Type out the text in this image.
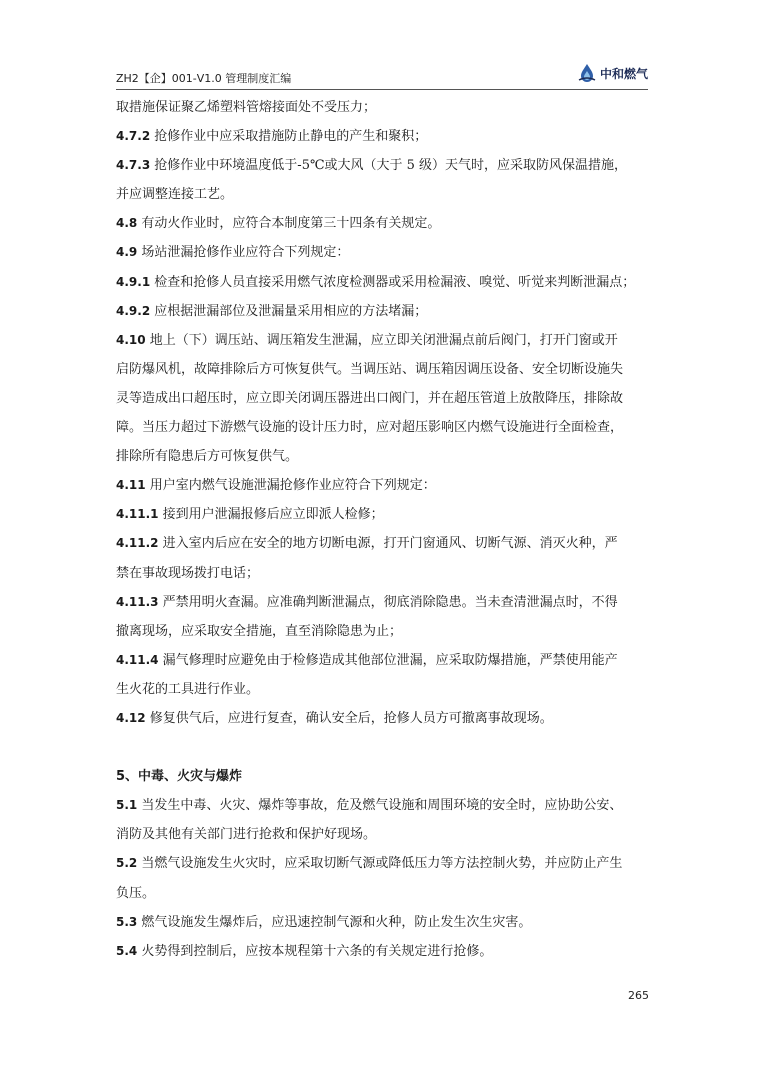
ZH2【企】001-V1.0 管理制度汇编	中和燃气
取措施保证聚乙烯塑料管熔接面处不受压力；
4.7.2 抢修作业中应采取措施防止静电的产生和聚积；
4.7.3 抢修作业中环境温度低于-5℃或大风（大于 5 级）天气时，应采取防风保温措施，
并应调整连接工艺。
4.8 有动火作业时，应符合本制度第三十四条有关规定。
4.9 场站泄漏抢修作业应符合下列规定：
4.9.1 检查和抢修人员直接采用燃气浓度检测器或采用检漏液、嗅觉、听觉来判断泄漏点；
4.9.2 应根据泄漏部位及泄漏量采用相应的方法堵漏；
4.10 地上（下）调压站、调压箱发生泄漏，应立即关闭泄漏点前后阀门，打开门窗或开
启防爆风机，故障排除后方可恢复供气。当调压站、调压箱因调压设备、安全切断设施失
灵等造成出口超压时，应立即关闭调压器进出口阀门，并在超压管道上放散降压，排除故
障。当压力超过下游燃气设施的设计压力时，应对超压影响区内燃气设施进行全面检查，
排除所有隐患后方可恢复供气。
4.11 用户室内燃气设施泄漏抢修作业应符合下列规定：
4.11.1 接到用户泄漏报修后应立即派人检修；
4.11.2 进入室内后应在安全的地方切断电源，打开门窗通风、切断气源、消灭火种，严
禁在事故现场拨打电话；
4.11.3 严禁用明火查漏。应准确判断泄漏点，彻底消除隐患。当未查清泄漏点时，不得
撤离现场，应采取安全措施，直至消除隐患为止；
4.11.4 漏气修理时应避免由于检修造成其他部位泄漏，应采取防爆措施，严禁使用能产
生火花的工具进行作业。
4.12 修复供气后，应进行复查，确认安全后，抢修人员方可撤离事故现场。
5、中毒、火灾与爆炸
5.1 当发生中毒、火灾、爆炸等事故，危及燃气设施和周围环境的安全时，应协助公安、
消防及其他有关部门进行抢救和保护好现场。
5.2 当燃气设施发生火灾时，应采取切断气源或降低压力等方法控制火势，并应防止产生
负压。
5.3 燃气设施发生爆炸后，应迅速控制气源和火种，防止发生次生灾害。
5.4 火势得到控制后，应按本规程第十六条的有关规定进行抢修。
265
